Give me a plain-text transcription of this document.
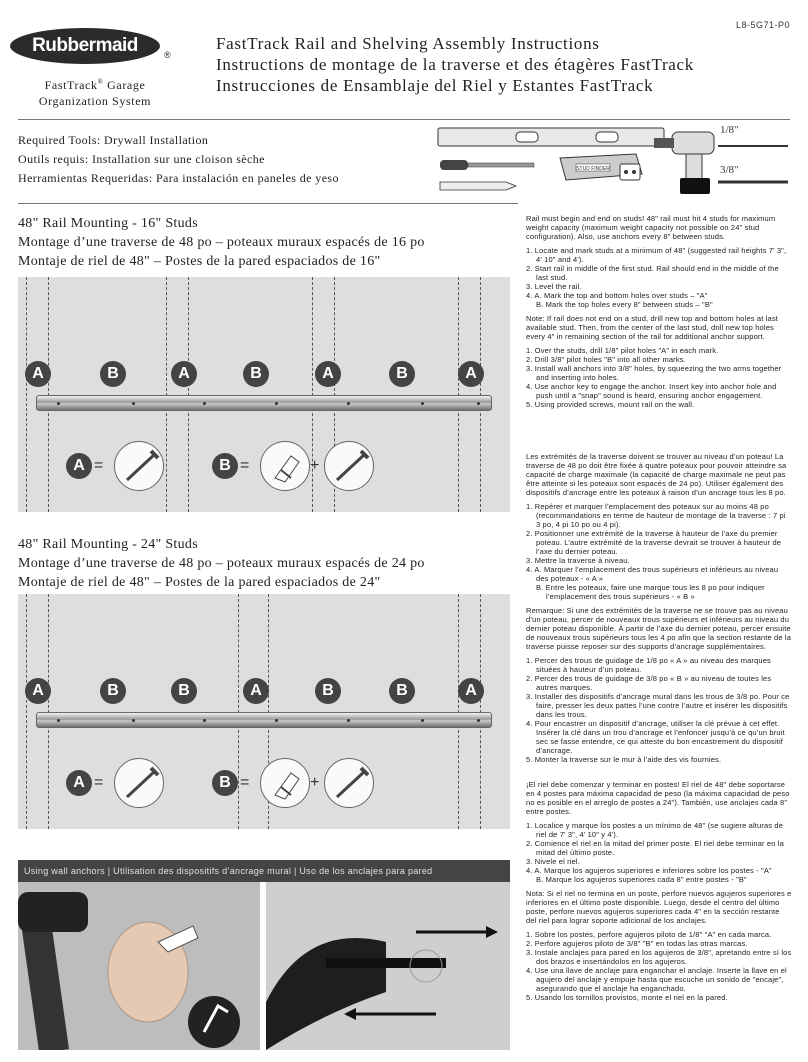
L8-5G71-P0
Rubbermaid	®
FastTrack® Garage
Organization System
FastTrack Rail and Shelving Assembly Instructions
Instructions de montage de la traverse et des étagères FastTrack
Instrucciones de Ensamblaje del Riel y Estantes FastTrack
Required Tools: Drywall Installation
Outils requis: Installation sur une cloison sèche
Herramientas Requeridas: Para instalación en paneles de yeso
STUD FINDER
1/8"
3/8"
48" Rail Mounting - 16" Studs
Montage d’une traverse de 48 po – poteaux muraux espacés de 16 po
Montaje de riel de 48" – Postes de la pared espaciados de 16"
A	B	A	B	A	B	A
A =	B =	+
48" Rail Mounting - 24" Studs
Montage d’une traverse de 48 po – poteaux muraux espacés de 24 po
Montaje de riel de 48" – Postes de la pared espaciados de 24"
A	B	B	A	B	B	A
A =	B =	+
Using wall anchors | Utilisation des dispositifs d’ancrage mural | Uso de los anclajes para pared

Rail must begin and end on studs! 48" rail must hit 4 studs for maximum weight capacity (maximum weight capacity not possible on 24" stud configuration). Also, use anchors every 8" between studs.

1. Locate and mark studs at a minimum of 48" (suggested rail heights 7' 3", 4' 10" and 4').
2. Start rail in middle of the first stud. Rail should end in the middle of the last stud.
3. Level the rail.
4. A. Mark the top and bottom holes over studs – "A"
B. Mark the top holes every 8" between studs – "B"

Note: If rail does not end on a stud, drill new top and bottom holes at last available stud. Then, from the center of the last stud, drill new top holes every 4" in remaining section of the rail for additional anchor support.

1. Over the studs, drill 1/8" pilot holes "A" in each mark.
2. Drill 3/8" pilot holes "B" into all other marks.
3. Install wall anchors into 3/8" holes, by squeezing the two arms together and inserting into holes.
4. Use anchor key to engage the anchor. Insert key into anchor hole and push until a "snap" sound is heard, ensuring anchor engagement.
5. Using provided screws, mount rail on the wall.

Les extrémités de la traverse doivent se trouver au niveau d’un poteau! La traverse de 48 po doit être fixée à quatre poteaux pour pouvoir atteindre sa capacité de charge maximale (la capacité de charge maximale ne peut pas être atteinte si les poteaux sont espacés de 24 po). Utiliser également des dispositifs d’ancrage entre les poteaux à raison d’un ancrage tous les 8 po.

1. Repérer et marquer l’emplacement des poteaux sur au moins 48 po (recommandations en terme de hauteur de montage de la traverse : 7 pi 3 po, 4 pi 10 po ou 4 pi).
2. Positionner une extrémité de la traverse à hauteur de l’axe du premier poteau. L’autre extrémité de la traverse devrait se trouver à hauteur de l’axe du dernier poteau.
3. Mettre la traverse à niveau.
4. A. Marquer l’emplacement des trous supérieurs et inférieurs au niveau des poteaux - « A »
B. Entre les poteaux, faire une marque tous les 8 po pour indiquer l’emplacement des trous supérieurs - « B »

Remarque: Si une des extrémités de la traverse ne se trouve pas au niveau d’un poteau, percer de nouveaux trous supérieurs et inférieurs au niveau du dernier poteau disponible. À partir de l’axe du dernier poteau, percer ensuite de nouveaux trous supérieurs tous les 4 po afin que la section restante de la traverse puisse reposer sur des supports d’ancrage supplémentaires.

1. Percer des trous de guidage de 1/8 po « A » au niveau des marques situées à hauteur d’un poteau.
2. Percer des trous de guidage de 3/8 po « B » au niveau de toutes les autres marques.
3. Installer des dispositifs d’ancrage mural dans les trous de 3/8 po. Pour ce faire, presser les deux pattes l’une contre l’autre et insérer les dispositifs dans les trous.
4. Pour encastrer un dispositif d’ancrage, utiliser la clé prévue à cet effet. Insérer la clé dans un trou d’ancrage et l’enfoncer jusqu’à ce qu’un bruit sec se fasse entendre, ce qui atteste du bon encastrement du dispositif d’ancrage.
5. Monter la traverse sur le mur à l’aide des vis fournies.

¡El riel debe comenzar y terminar en postes! El riel de 48" debe soportarse en 4 postes para máxima capacidad de peso (la máxima capacidad de peso no es posible en el arreglo de postes a 24"). También, use anclajes cada 8" entre postes.

1. Localice y marque los postes a un mínimo de 48" (se sugiere alturas de riel de 7' 3", 4' 10" y 4').
2. Comience el riel en la mitad del primer poste. El riel debe terminar en la mitad del último poste.
3. Nivele el riel.
4. A. Marque los agujeros superiores e inferiores sobre los postes - "A"
B. Marque los agujeros superiores cada 8" entre postes - "B"

Nota: Si el riel no termina en un poste, perfore nuevos agujeros superiores e inferiores en el último poste disponible. Luego, desde el centro del último poste, perfore nuevos agujeros superiores cada 4" en la sección restante del riel para lograr soporte adicional de los anclajes.

1. Sobre los postes, perfore agujeros piloto de 1/8" "A" en cada marca.
2. Perfore agujeros piloto de 3/8" "B" en todas las otras marcas.
3. Instale anclajes para pared en los agujeros de 3/8", apretando entre sí los dos brazos e insertándolos en los agujeros.
4. Use una llave de anclaje para enganchar el anclaje. Inserte la llave en el agujero del anclaje y empuje hasta que escuche un sonido de "encaje", asegurando que el anclaje ha enganchado.
5. Usando los tornillos provistos, monte el riel en la pared.
